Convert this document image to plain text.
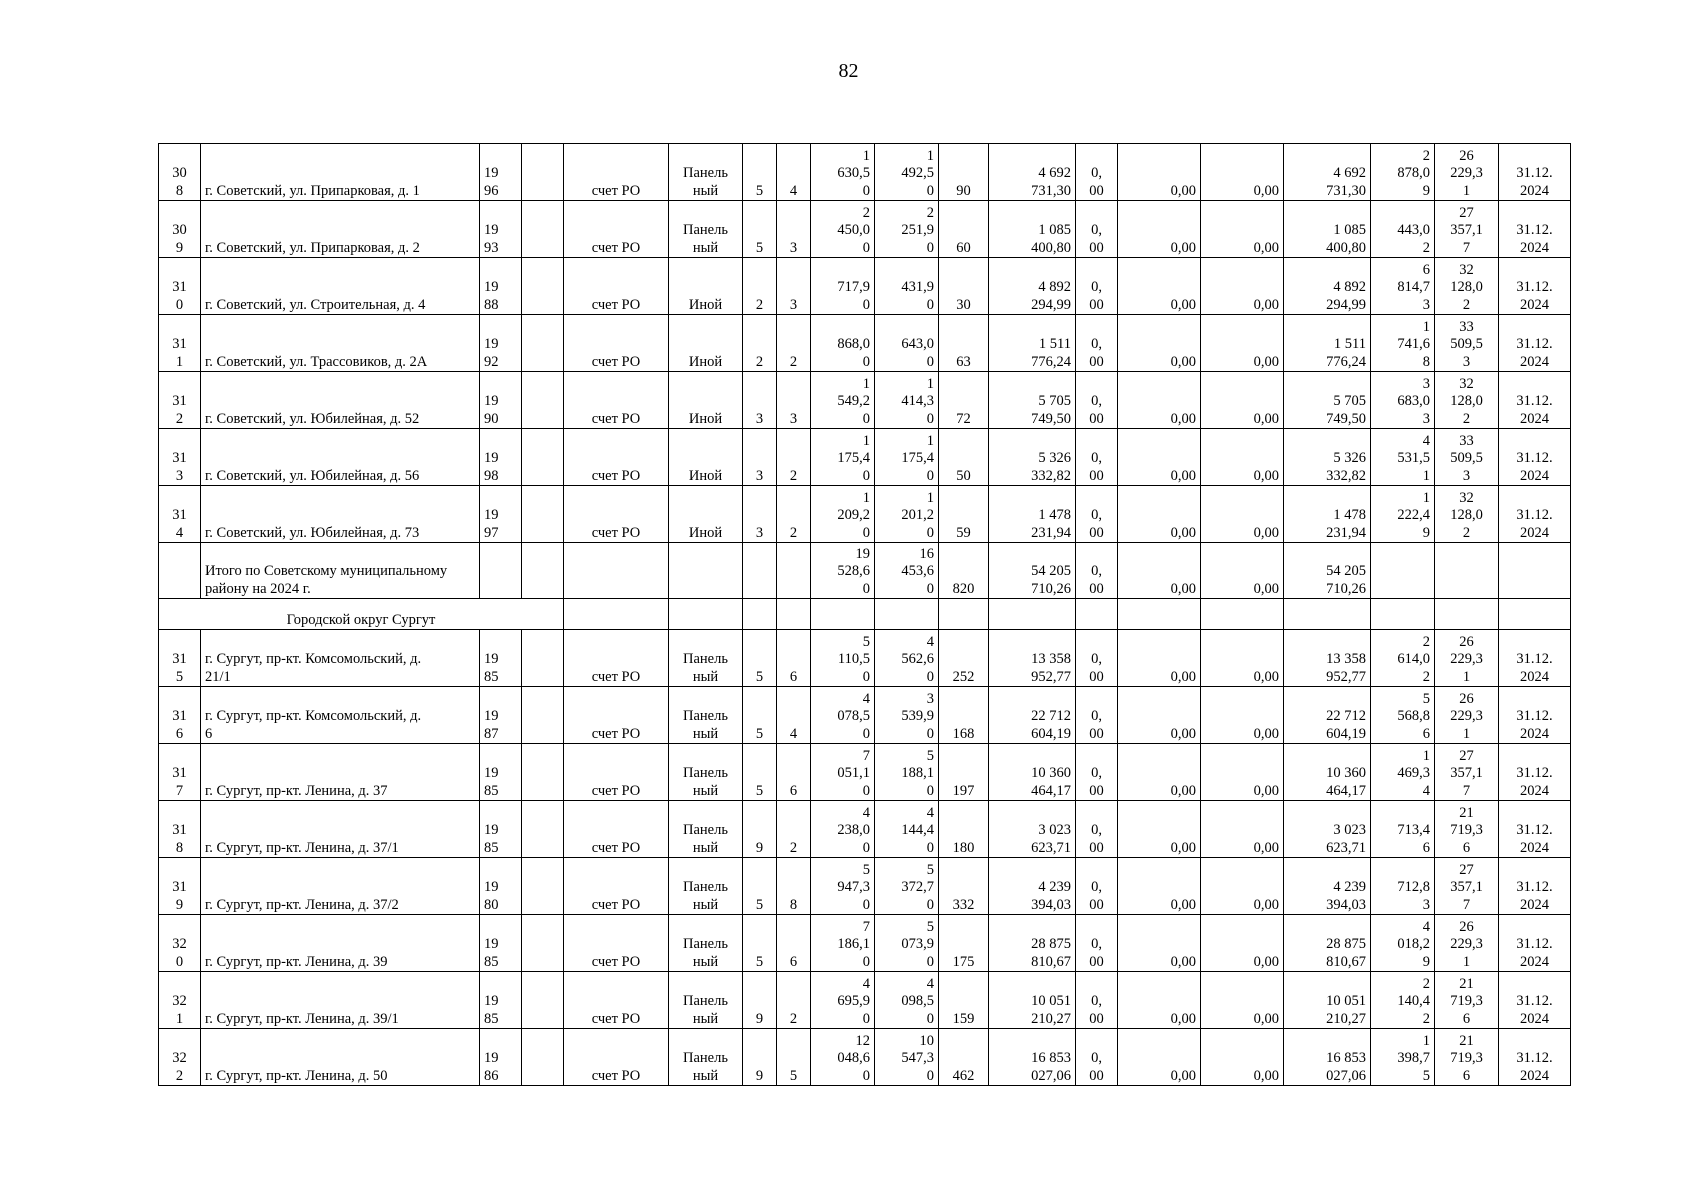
82
30
8	г. Советский, ул. Припарковая, д. 1	19
96		счет РО	Панель
ный	5	4	1
630,5
0	1
492,5
0	90	4 692
731,30	0,
00	0,00	0,00	4 692
731,30	2
878,0
9	26
229,3
1	31.12.
2024

30
9	г. Советский, ул. Припарковая, д. 2	19
93		счет РО	Панель
ный	5	3	2
450,0
0	2
251,9
0	60	1 085
400,80	0,
00	0,00	0,00	1 085
400,80	443,0
2	27
357,1
7	31.12.
2024

31
0	г. Советский, ул. Строительная, д. 4	19
88		счет РО	Иной	2	3	717,9
0	431,9
0	30	4 892
294,99	0,
00	0,00	0,00	4 892
294,99	6
814,7
3	32
128,0
2	31.12.
2024

31
1	г. Советский, ул. Трассовиков, д. 2А	19
92		счет РО	Иной	2	2	868,0
0	643,0
0	63	1 511
776,24	0,
00	0,00	0,00	1 511
776,24	1
741,6
8	33
509,5
3	31.12.
2024

31
2	г. Советский, ул. Юбилейная, д. 52	19
90		счет РО	Иной	3	3	1
549,2
0	1
414,3
0	72	5 705
749,50	0,
00	0,00	0,00	5 705
749,50	3
683,0
3	32
128,0
2	31.12.
2024

31
3	г. Советский, ул. Юбилейная, д. 56	19
98		счет РО	Иной	3	2	1
175,4
0	1
175,4
0	50	5 326
332,82	0,
00	0,00	0,00	5 326
332,82	4
531,5
1	33
509,5
3	31.12.
2024

31
4	г. Советский, ул. Юбилейная, д. 73	19
97		счет РО	Иной	3	2	1
209,2
0	1
201,2
0	59	1 478
231,94	0,
00	0,00	0,00	1 478
231,94	1
222,4
9	32
128,0
2	31.12.
2024

	Итого по Советскому муниципальному
району на 2024 г.							19
528,6
0	16
453,6
0	820	54 205
710,26	0,
00	0,00	0,00	54 205
710,26			

Городской округ Сургут																		

31
5	г. Сургут, пр-кт. Комсомольский, д.
21/1	19
85		счет РО	Панель
ный	5	6	5
110,5
0	4
562,6
0	252	13 358
952,77	0,
00	0,00	0,00	13 358
952,77	2
614,0
2	26
229,3
1	31.12.
2024

31
6	г. Сургут, пр-кт. Комсомольский, д.
6	19
87		счет РО	Панель
ный	5	4	4
078,5
0	3
539,9
0	168	22 712
604,19	0,
00	0,00	0,00	22 712
604,19	5
568,8
6	26
229,3
1	31.12.
2024

31
7	г. Сургут, пр-кт. Ленина, д. 37	19
85		счет РО	Панель
ный	5	6	7
051,1
0	5
188,1
0	197	10 360
464,17	0,
00	0,00	0,00	10 360
464,17	1
469,3
4	27
357,1
7	31.12.
2024

31
8	г. Сургут, пр-кт. Ленина, д. 37/1	19
85		счет РО	Панель
ный	9	2	4
238,0
0	4
144,4
0	180	3 023
623,71	0,
00	0,00	0,00	3 023
623,71	713,4
6	21
719,3
6	31.12.
2024

31
9	г. Сургут, пр-кт. Ленина, д. 37/2	19
80		счет РО	Панель
ный	5	8	5
947,3
0	5
372,7
0	332	4 239
394,03	0,
00	0,00	0,00	4 239
394,03	712,8
3	27
357,1
7	31.12.
2024

32
0	г. Сургут, пр-кт. Ленина, д. 39	19
85		счет РО	Панель
ный	5	6	7
186,1
0	5
073,9
0	175	28 875
810,67	0,
00	0,00	0,00	28 875
810,67	4
018,2
9	26
229,3
1	31.12.
2024

32
1	г. Сургут, пр-кт. Ленина, д. 39/1	19
85		счет РО	Панель
ный	9	2	4
695,9
0	4
098,5
0	159	10 051
210,27	0,
00	0,00	0,00	10 051
210,27	2
140,4
2	21
719,3
6	31.12.
2024

32
2	г. Сургут, пр-кт. Ленина, д. 50	19
86		счет РО	Панель
ный	9	5	12
048,6
0	10
547,3
0	462	16 853
027,06	0,
00	0,00	0,00	16 853
027,06	1
398,7
5	21
719,3
6	31.12.
2024
